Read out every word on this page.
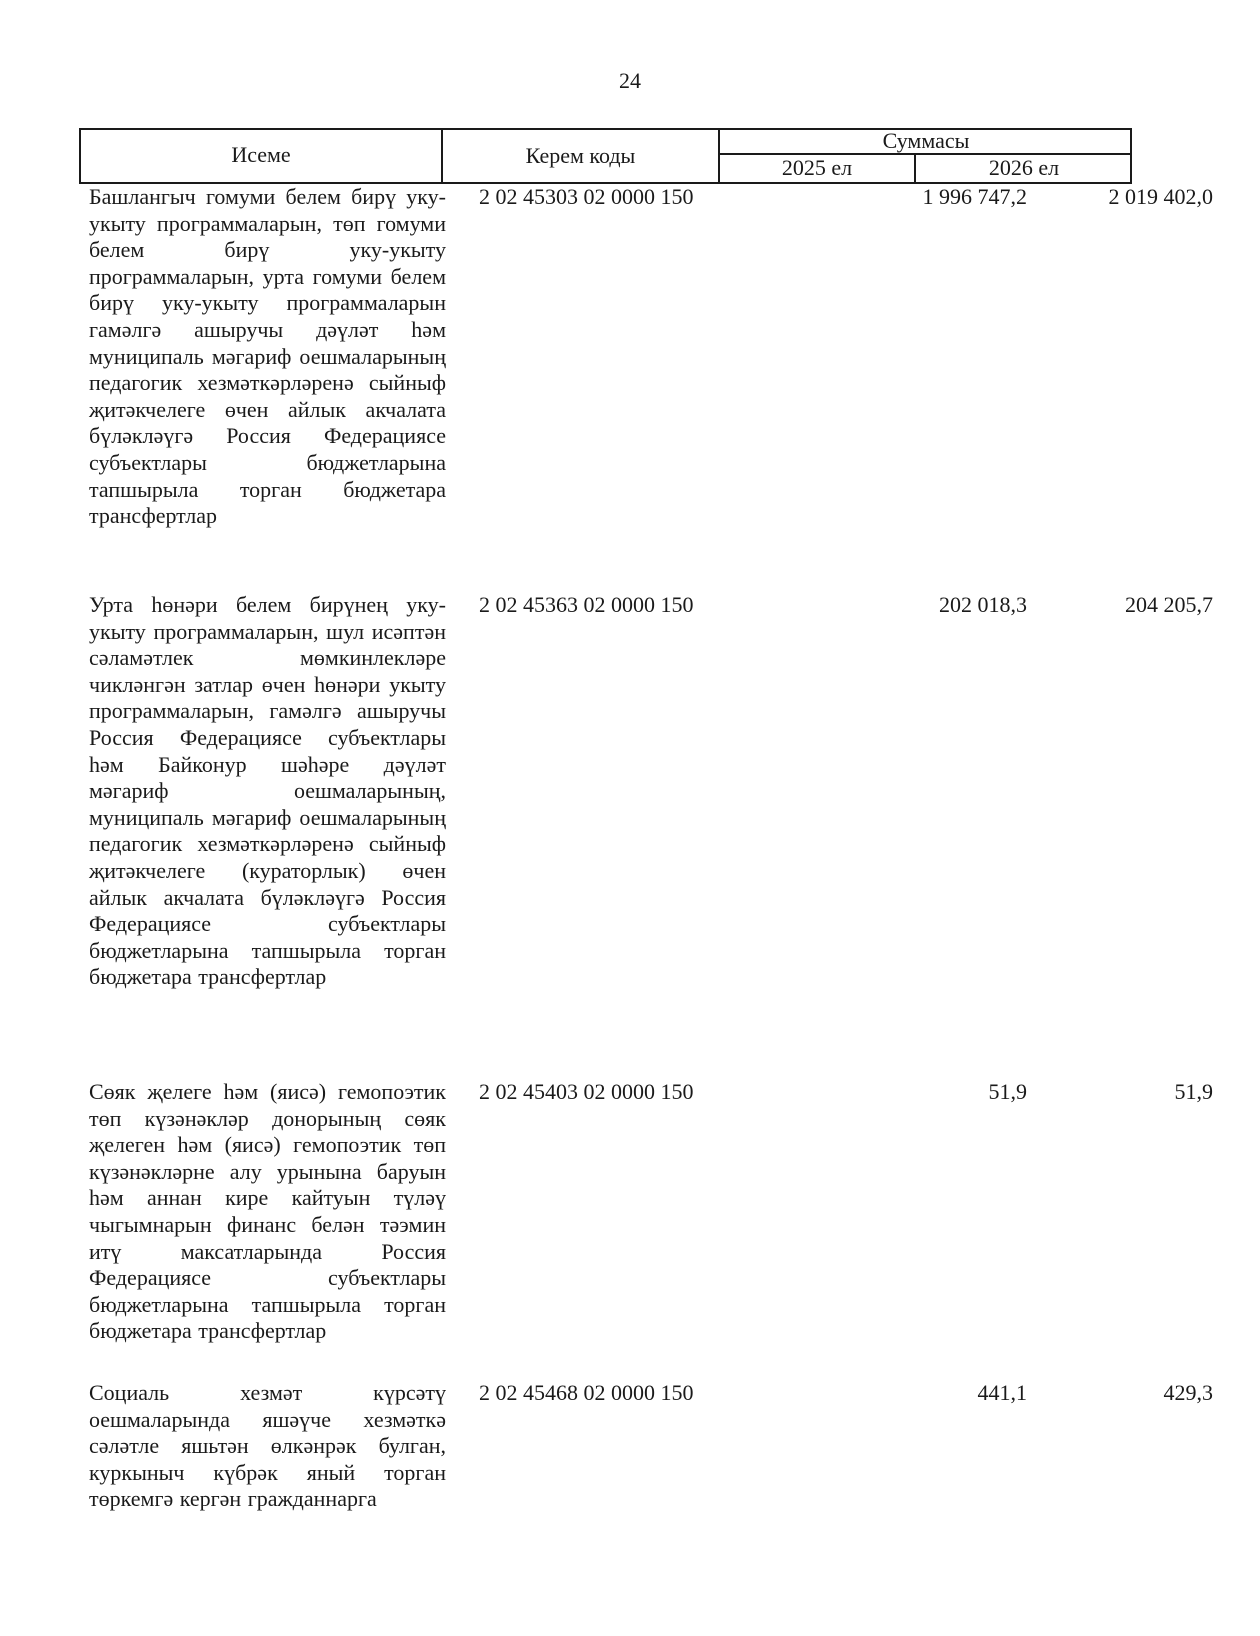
24
Исеме	Керем коды
Суммасы
2025 ел	2026 ел
Башлангыч гомуми белем бирү уку-укыту программаларын, төп гомуми белем бирү уку-укыту программаларын, урта гомуми белем бирү уку-укыту программаларын гамәлгә ашыручы дәүләт һәм муниципаль мәгариф оешмаларының педагогик хезмәткәрләренә сыйныф җитәкчелеге өчен айлык акчалата бүләкләүгә Россия Федерациясе субъектлары бюджетларына тапшырыла торган бюджетара трансфертлар
2 02 45303 02 0000 150	1 996 747,2	2 019 402,0
Урта һөнәри белем бирүнең уку-укыту программаларын, шул исәптән сәламәтлек мөмкинлекләре чикләнгән затлар өчен һөнәри укыту программаларын, гамәлгә ашыручы Россия Федерациясе субъектлары һәм Байконур шәһәре дәүләт мәгариф оешмаларының, муниципаль мәгариф оешмаларының педагогик хезмәткәрләренә сыйныф җитәкчелеге (кураторлык) өчен айлык акчалата бүләкләүгә Россия Федерациясе субъектлары бюджетларына тапшырыла торган бюджетара трансфертлар
2 02 45363 02 0000 150	202 018,3	204 205,7
Сөяк җелеге һәм (яисә) гемопоэтик төп күзәнәкләр донорының сөяк җелеген һәм (яисә) гемопоэтик төп күзәнәкләрне алу урынына баруын һәм аннан кире кайтуын түләү чыгымнарын финанс белән тәэмин итү максатларында Россия Федерациясе субъектлары бюджетларына тапшырыла торган бюджетара трансфертлар
2 02 45403 02 0000 150	51,9	51,9
Социаль хезмәт күрсәтү оешмаларында яшәүче хезмәткә сәләтле яшьтән өлкәнрәк булган, куркыныч күбрәк яный торган төркемгә кергән гражданнарга
2 02 45468 02 0000 150	441,1	429,3
